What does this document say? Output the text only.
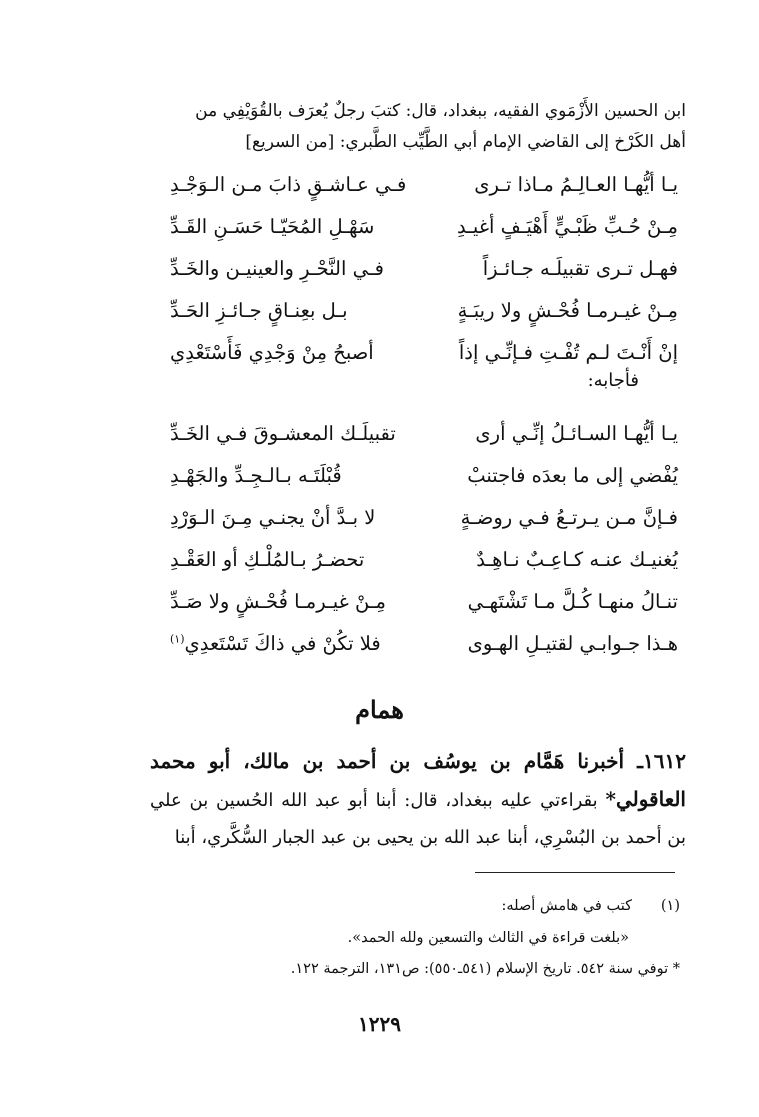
ابن الحسين الأَزْمَوي الفقيه، ببغداد، قال: كتبَ رجلٌ يُعرَف بالقُوَيْفِي من
أهل الكَرْخ إلى القاضي الإمام أبي الطَّيِّب الطَّبري: [من السريع]
يـا أيُّهـا العـالِـمُ مـاذا تـرى
فـي عـاشـقٍ ذابَ مـن الـوَجْـدِ
مِـنْ حُـبِّ ظَبْـيٍّ أَهْيَـفٍ أغيـدِ
سَهْـلِ المُحَيّـا حَسَـنِ القَـدِّ
فهـل تـرى تقبيلَـه جـائـزاً
فـي النَّحْـرِ والعينيـن والخَـدِّ
مِـنْ غيـرمـا فُحْـشٍ ولا ريبَـةٍ
بـل بعِنـاقٍ جـائـزِ الحَـدِّ
إنْ أَنْـتَ لـم تُفْـتِ فـإنِّـي إذاً
أصبحُ مِنْ وَجْدِي فَأَسْتَعْدِي
فأجابه:
يـا أيُّهـا السـائـلُ إنِّـي أرى
تقبيلَـك المعشـوقَ فـي الخَـدِّ
يُفْضي إلى ما بعدَه فاجتنبْ
قُبْلَتَـه بـالـجِـدِّ والجَهْـدِ
فـإنَّ مـن يـرتـعُ فـي روضـةٍ
لا بـدَّ أنْ يجنـي مِـنَ الـوَرْدِ
يُغنيـك عنـه كـاعِـبٌ نـاهِـدٌ
تحضـرُ بـالمُلْـكِ أو العَقْـدِ
تنـالُ منهـا كُـلَّ مـا تَشْتَهـي
مِـنْ غيـرمـا فُحْـشٍ ولا صَـدِّ
هـذا جـوابـي لقتيـلِ الهـوى
فلا تكُنْ في ذاكَ تَسْتَعدِي$^{(١)}$
همام
١٦١٢ـ أخبرنا هَمَّام بن يوسُف بن أحمد بن مالك، أبو محمد العاقولي* بقراءتي عليه ببغداد، قال: أبنا أبو عبد الله الحُسين بن علي بن أحمد بن البُسْرِي، أبنا عبد الله بن يحيى بن عبد الجبار السُّكَّري، أبنا
(١)كتب في هامش أصله:
«بلغت قراءة في الثالث والتسعين ولله الحمد».
* توفي سنة ٥٤٢. تاريخ الإسلام (٥٤١ـ٥٥٠): ص١٣١، الترجمة ١٢٢.
١٢٢٩
